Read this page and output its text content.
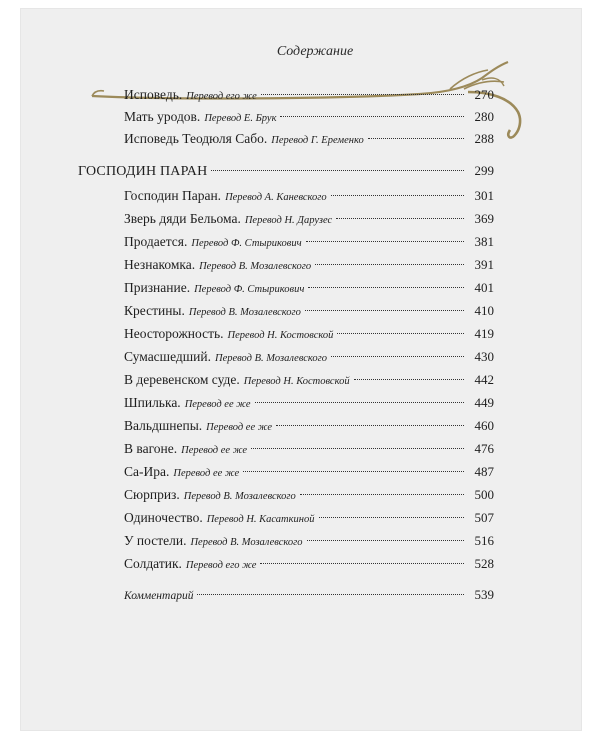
Содержание
Исповедь. Перевод его же	270
Мать уродов. Перевод Е. Брук	280
Исповедь Теодюля Сабо. Перевод Г. Еременко	288
ГОСПОДИН ПАРАН	299
Господин Паран. Перевод А. Каневского	301
Зверь дяди Бельома. Перевод Н. Дарузес	369
Продается. Перевод Ф. Стырикович	381
Незнакомка. Перевод В. Мозалевского	391
Признание. Перевод Ф. Стырикович	401
Крестины. Перевод В. Мозалевского	410
Неосторожность. Перевод Н. Костовской	419
Сумасшедший. Перевод В. Мозалевского	430
В деревенском суде. Перевод Н. Костовской	442
Шпилька. Перевод ее же	449
Вальдшнепы. Перевод ее же	460
В вагоне. Перевод ее же	476
Са-Ира. Перевод ее же	487
Сюрприз. Перевод В. Мозалевского	500
Одиночество. Перевод Н. Касаткиной	507
У постели. Перевод В. Мозалевского	516
Солдатик. Перевод его же	528
Комментарий	539
